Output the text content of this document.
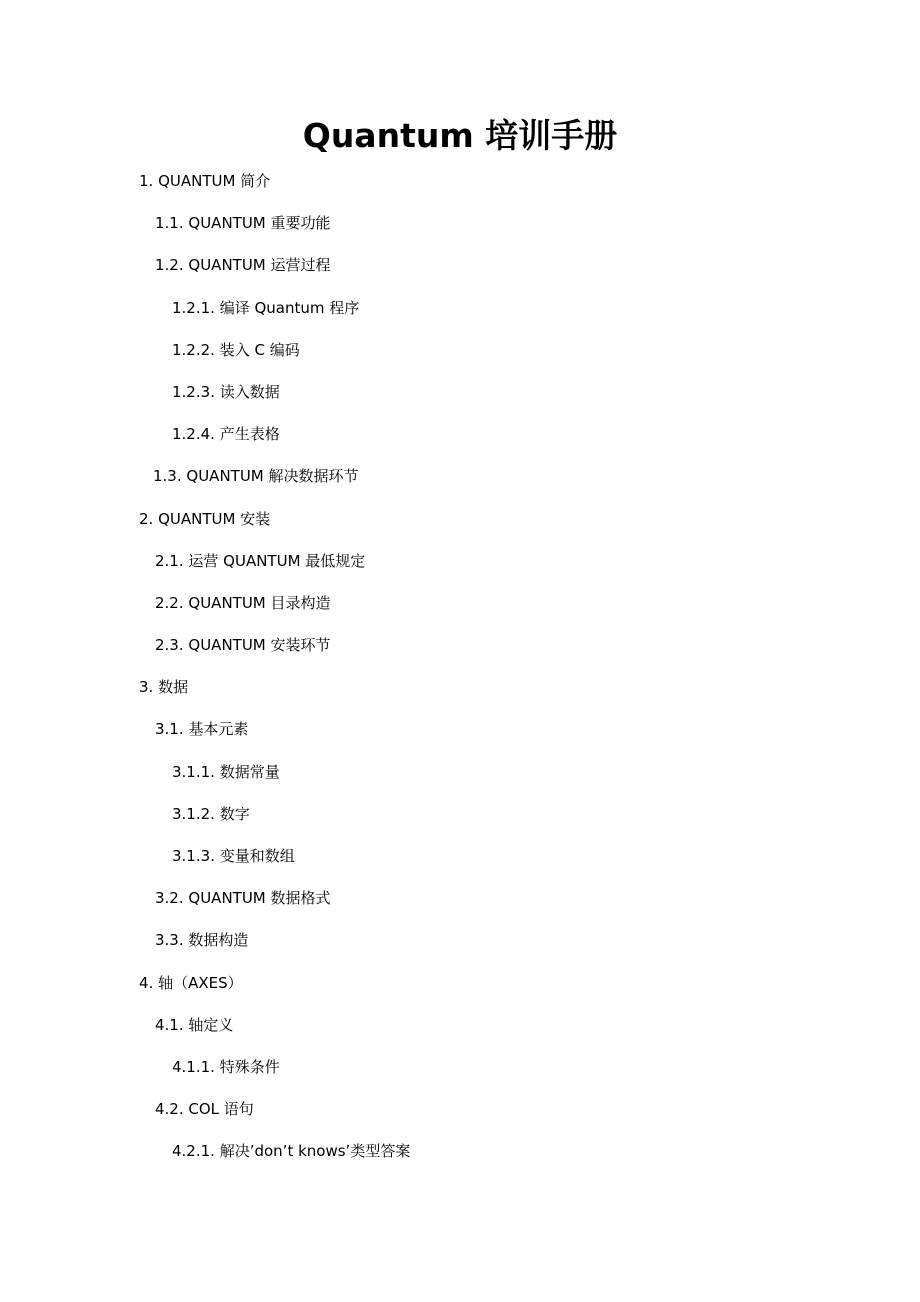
Quantum 培训手册
1. QUANTUM 简介
1.1. QUANTUM 重要功能
1.2. QUANTUM 运营过程
1.2.1. 编译 Quantum 程序
1.2.2. 装入 C 编码
1.2.3. 读入数据
1.2.4. 产生表格
1.3. QUANTUM 解决数据环节
2. QUANTUM 安装
2.1. 运营 QUANTUM 最低规定
2.2. QUANTUM 目录构造
2.3. QUANTUM 安装环节
3. 数据
3.1. 基本元素
3.1.1. 数据常量
3.1.2. 数字
3.1.3. 变量和数组
3.2. QUANTUM 数据格式
3.3. 数据构造
4. 轴（AXES）
4.1. 轴定义
4.1.1. 特殊条件
4.2. COL 语句
4.2.1. 解决’don’t knows’类型答案
